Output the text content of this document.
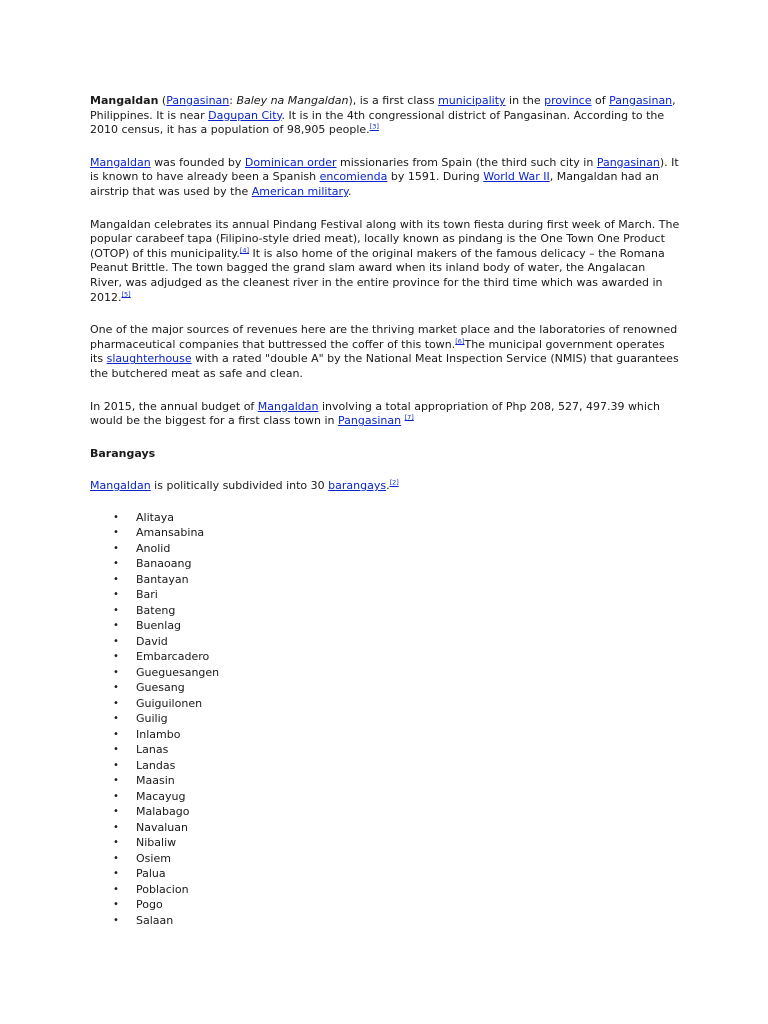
Mangaldan (Pangasinan: Baley na Mangaldan), is a first class municipality in the province of Pangasinan, Philippines. It is near Dagupan City. It is in the 4th congressional district of Pangasinan. According to the 2010 census, it has a population of 98,905 people.[3]

Mangaldan was founded by Dominican order missionaries from Spain (the third such city in Pangasinan). It is known to have already been a Spanish encomienda by 1591. During World War II, Mangaldan had an airstrip that was used by the American military.

Mangaldan celebrates its annual Pindang Festival along with its town fiesta during first week of March. The popular carabeef tapa (Filipino-style dried meat), locally known as pindang is the One Town One Product (OTOP) of this municipality.[4] It is also home of the original makers of the famous delicacy – the Romana Peanut Brittle. The town bagged the grand slam award when its inland body of water, the Angalacan River, was adjudged as the cleanest river in the entire province for the third time which was awarded in 2012.[5]

One of the major sources of revenues here are the thriving market place and the laboratories of renowned pharmaceutical companies that buttressed the coffer of this town.[6]The municipal government operates its slaughterhouse with a rated "double A" by the National Meat Inspection Service (NMIS) that guarantees the butchered meat as safe and clean.

In 2015, the annual budget of Mangaldan involving a total appropriation of Php 208, 527, 497.39 which would be the biggest for a first class town in Pangasinan [7]

Barangays

Mangaldan is politically subdivided into 30 barangays.[2]

• Alitaya
• Amansabina
• Anolid
• Banaoang
• Bantayan
• Bari
• Bateng
• Buenlag
• David
• Embarcadero
• Gueguesangen
• Guesang
• Guiguilonen
• Guilig
• Inlambo
• Lanas
• Landas
• Maasin
• Macayug
• Malabago
• Navaluan
• Nibaliw
• Osiem
• Palua
• Poblacion
• Pogo
• Salaan
